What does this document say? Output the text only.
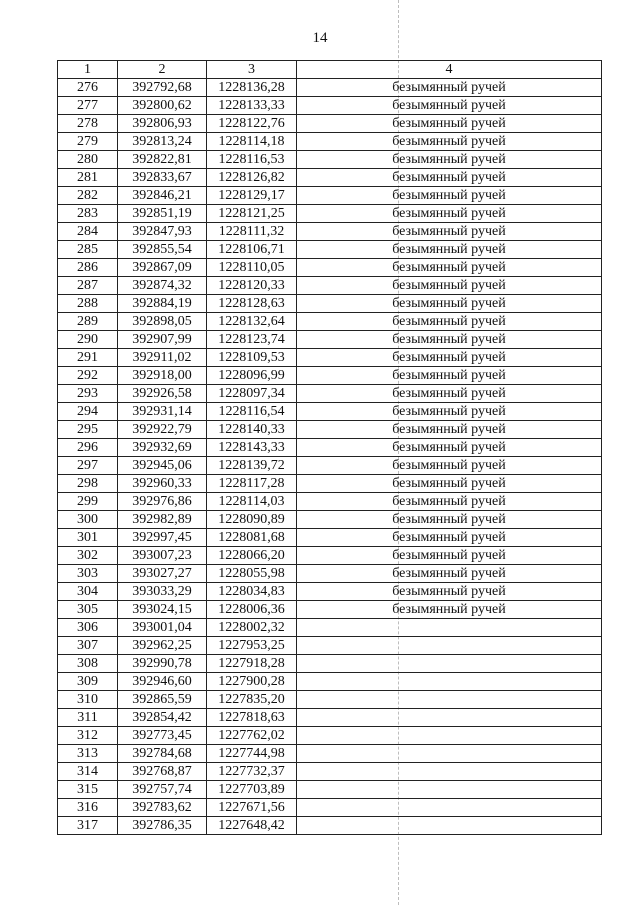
14
1	2	3	4
276	392792,68	1228136,28	безымянный ручей
277	392800,62	1228133,33	безымянный ручей
278	392806,93	1228122,76	безымянный ручей
279	392813,24	1228114,18	безымянный ручей
280	392822,81	1228116,53	безымянный ручей
281	392833,67	1228126,82	безымянный ручей
282	392846,21	1228129,17	безымянный ручей
283	392851,19	1228121,25	безымянный ручей
284	392847,93	1228111,32	безымянный ручей
285	392855,54	1228106,71	безымянный ручей
286	392867,09	1228110,05	безымянный ручей
287	392874,32	1228120,33	безымянный ручей
288	392884,19	1228128,63	безымянный ручей
289	392898,05	1228132,64	безымянный ручей
290	392907,99	1228123,74	безымянный ручей
291	392911,02	1228109,53	безымянный ручей
292	392918,00	1228096,99	безымянный ручей
293	392926,58	1228097,34	безымянный ручей
294	392931,14	1228116,54	безымянный ручей
295	392922,79	1228140,33	безымянный ручей
296	392932,69	1228143,33	безымянный ручей
297	392945,06	1228139,72	безымянный ручей
298	392960,33	1228117,28	безымянный ручей
299	392976,86	1228114,03	безымянный ручей
300	392982,89	1228090,89	безымянный ручей
301	392997,45	1228081,68	безымянный ручей
302	393007,23	1228066,20	безымянный ручей
303	393027,27	1228055,98	безымянный ручей
304	393033,29	1228034,83	безымянный ручей
305	393024,15	1228006,36	безымянный ручей
306	393001,04	1228002,32	
307	392962,25	1227953,25	
308	392990,78	1227918,28	
309	392946,60	1227900,28	
310	392865,59	1227835,20	
311	392854,42	1227818,63	
312	392773,45	1227762,02	
313	392784,68	1227744,98	
314	392768,87	1227732,37	
315	392757,74	1227703,89	
316	392783,62	1227671,56	
317	392786,35	1227648,42	
